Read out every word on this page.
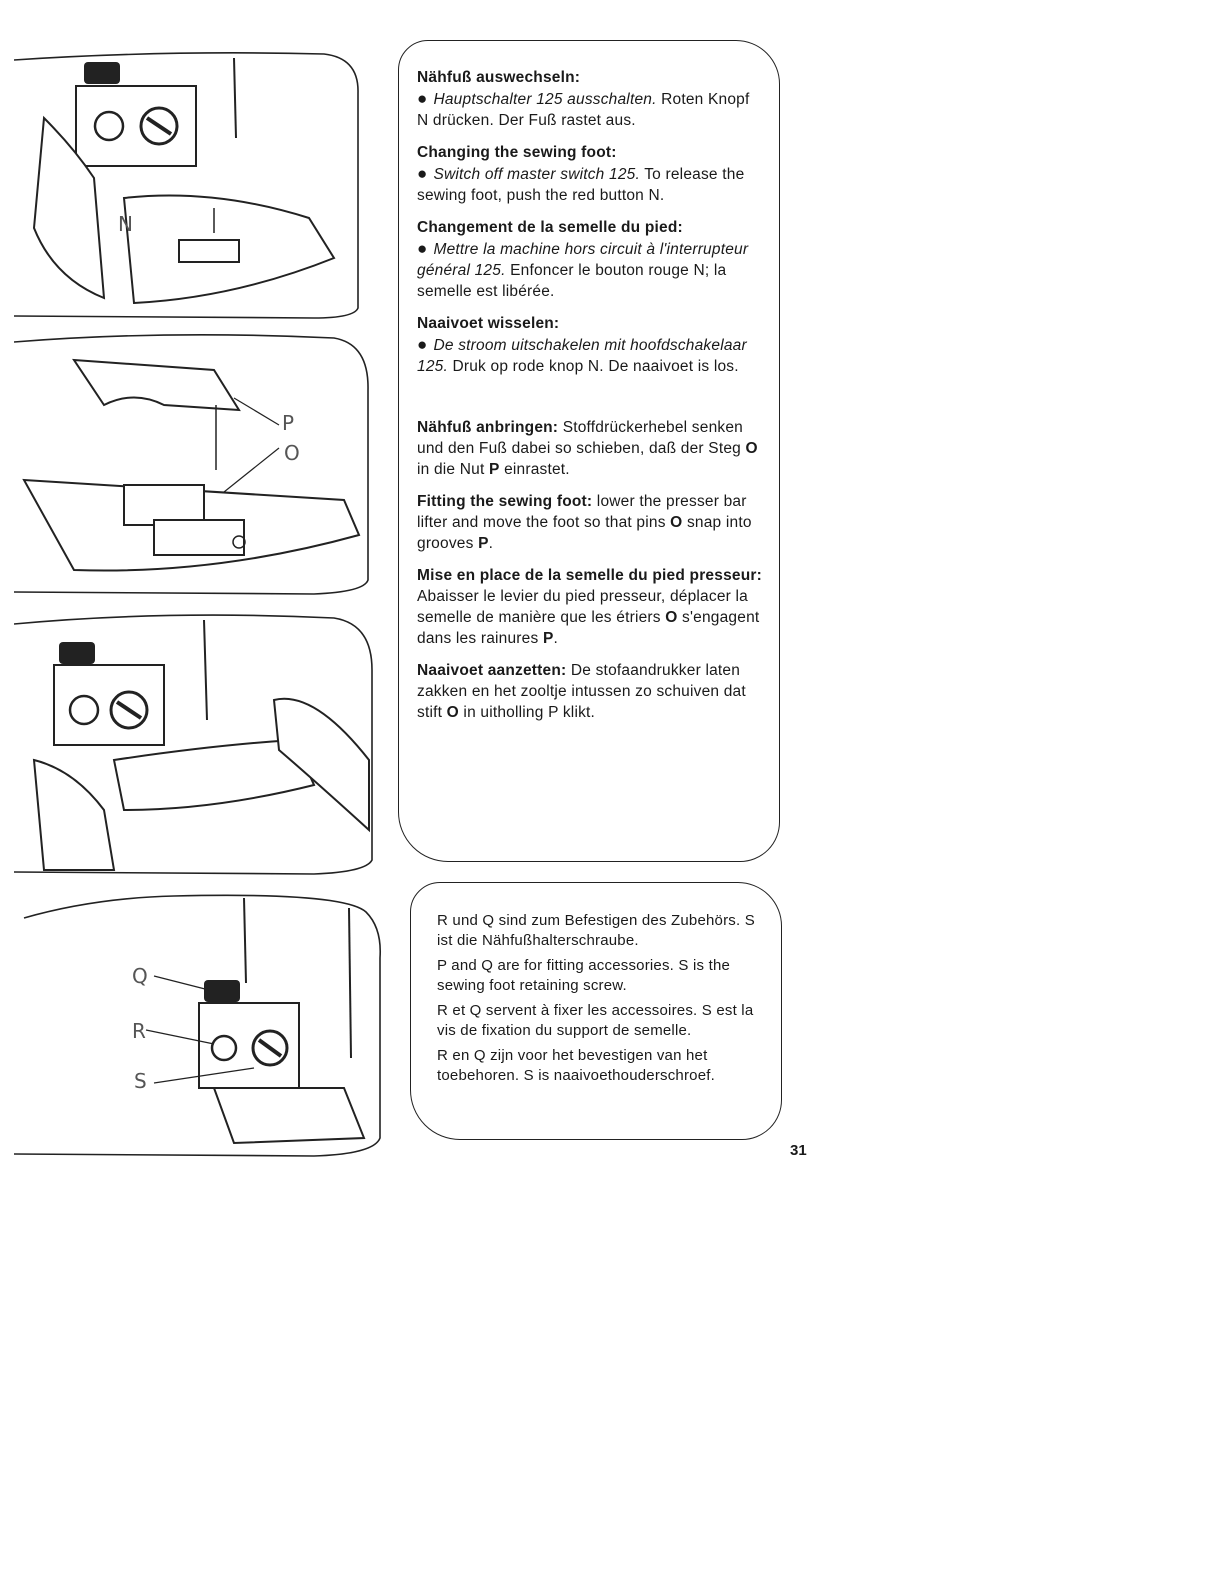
N
P
O
Q
R
S
Nähfuß auswechseln:

● Hauptschalter 125 ausschalten. Roten Knopf N drücken. Der Fuß rastet aus.

Changing the sewing foot:

● Switch off master switch 125. To release the sewing foot, push the red button N.

Changement de la semelle du pied:

● Mettre la machine hors circuit à l'interrupteur général 125. Enfoncer le bouton rouge N; la semelle est libérée.

Naaivoet wisselen:

● De stroom uitschakelen mit hoofdschakelaar 125. Druk op rode knop N. De naaivoet is los.

Nähfuß anbringen: Stoffdrückerhebel senken und den Fuß dabei so schieben, daß der Steg O in die Nut P einrastet.

Fitting the sewing foot: lower the presser bar lifter and move the foot so that pins O snap into grooves P.

Mise en place de la semelle du pied presseur: Abaisser le levier du pied presseur, déplacer la semelle de manière que les étriers O s'engagent dans les rainures P.

Naaivoet aanzetten: De stofaandrukker laten zakken en het zooltje intussen zo schuiven dat stift O in uitholling P klikt.

R und Q sind zum Befestigen des Zubehörs. S ist die Nähfußhalterschraube.

P and Q are for fitting accessories. S is the sewing foot retaining screw.

R et Q servent à fixer les accessoires. S est la vis de fixation du support de semelle.

R en Q zijn voor het bevestigen van het toebehoren. S is naaivoethouderschroef.

31
